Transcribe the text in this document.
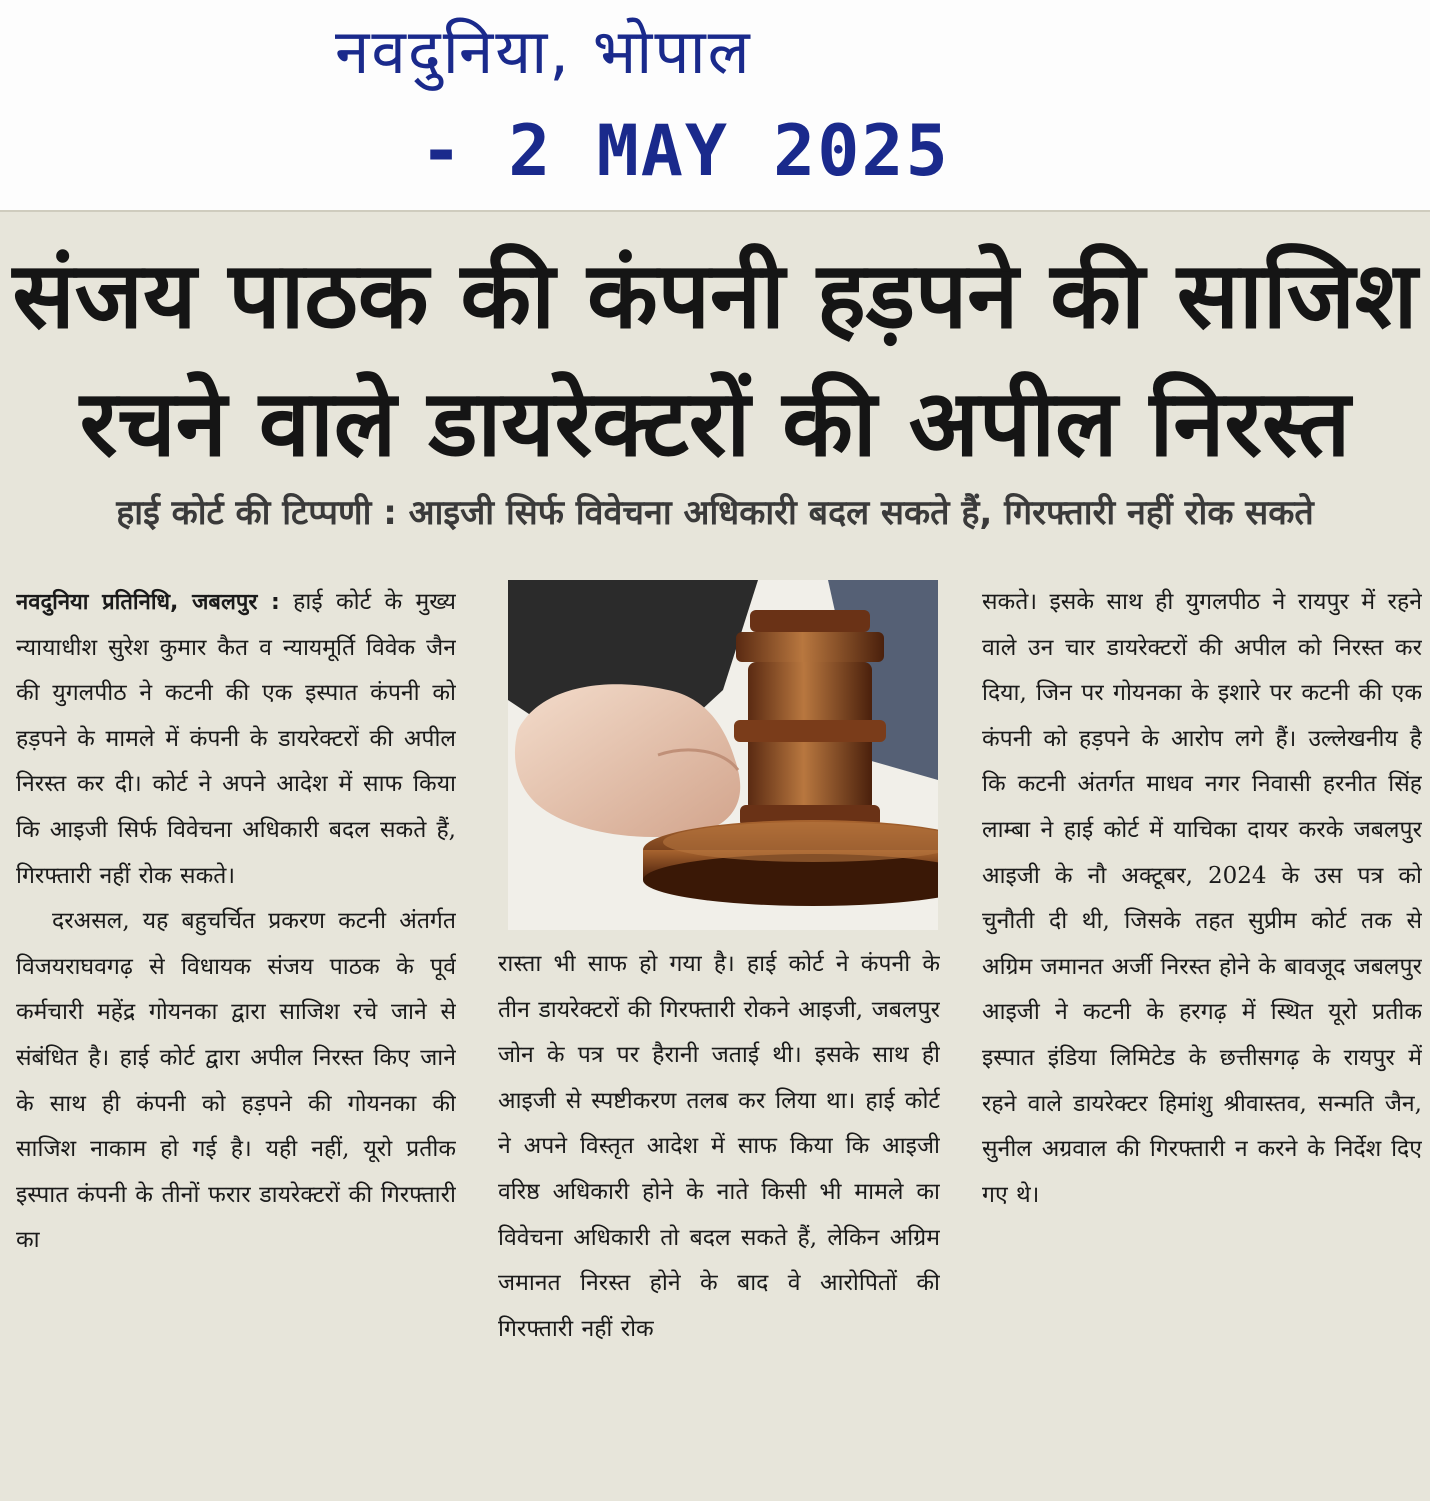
नवदुनिया, भोपाल
- 2 MAY 2025
संजय पाठक की कंपनी हड़पने की साजिश
रचने वाले डायरेक्टरों की अपील निरस्त
हाई कोर्ट की टिप्पणी : आइजी सिर्फ विवेचना अधिकारी बदल सकते हैं, गिरफ्तारी नहीं रोक सकते

नवदुनिया प्रतिनिधि, जबलपुर : हाई कोर्ट के मुख्य न्यायाधीश सुरेश कुमार कैत व न्यायमूर्ति विवेक जैन की युगलपीठ ने कटनी की एक इस्पात कंपनी को हड़पने के मामले में कंपनी के डायरेक्टरों की अपील निरस्त कर दी। कोर्ट ने अपने आदेश में साफ किया कि आइजी सिर्फ विवेचना अधिकारी बदल सकते हैं, गिरफ्तारी नहीं रोक सकते।

दरअसल, यह बहुचर्चित प्रकरण कटनी अंतर्गत विजयराघवगढ़ से विधायक संजय पाठक के पूर्व कर्मचारी महेंद्र गोयनका द्वारा साजिश रचे जाने से संबंधित है। हाई कोर्ट द्वारा अपील निरस्त किए जाने के साथ ही कंपनी को हड़पने की गोयनका की साजिश नाकाम हो गई है। यही नहीं, यूरो प्रतीक इस्पात कंपनी के तीनों फरार डायरेक्टरों की गिरफ्तारी का

रास्ता भी साफ हो गया है। हाई कोर्ट ने कंपनी के तीन डायरेक्टरों की गिरफ्तारी रोकने आइजी, जबलपुर जोन के पत्र पर हैरानी जताई थी। इसके साथ ही आइजी से स्पष्टीकरण तलब कर लिया था। हाई कोर्ट ने अपने विस्तृत आदेश में साफ किया कि आइजी वरिष्ठ अधिकारी होने के नाते किसी भी मामले का विवेचना अधिकारी तो बदल सकते हैं, लेकिन अग्रिम जमानत निरस्त होने के बाद वे आरोपितों की गिरफ्तारी नहीं रोक

सकते। इसके साथ ही युगलपीठ ने रायपुर में रहने वाले उन चार डायरेक्टरों की अपील को निरस्त कर दिया, जिन पर गोयनका के इशारे पर कटनी की एक कंपनी को हड़पने के आरोप लगे हैं। उल्लेखनीय है कि कटनी अंतर्गत माधव नगर निवासी हरनीत सिंह लाम्बा ने हाई कोर्ट में याचिका दायर करके जबलपुर आइजी के नौ अक्टूबर, 2024 के उस पत्र को चुनौती दी थी, जिसके तहत सुप्रीम कोर्ट तक से अग्रिम जमानत अर्जी निरस्त होने के बावजूद जबलपुर आइजी ने कटनी के हरगढ़ में स्थित यूरो प्रतीक इस्पात इंडिया लिमिटेड के छत्तीसगढ़ के रायपुर में रहने वाले डायरेक्टर हिमांशु श्रीवास्तव, सन्मति जैन, सुनील अग्रवाल की गिरफ्तारी न करने के निर्देश दिए गए थे।
